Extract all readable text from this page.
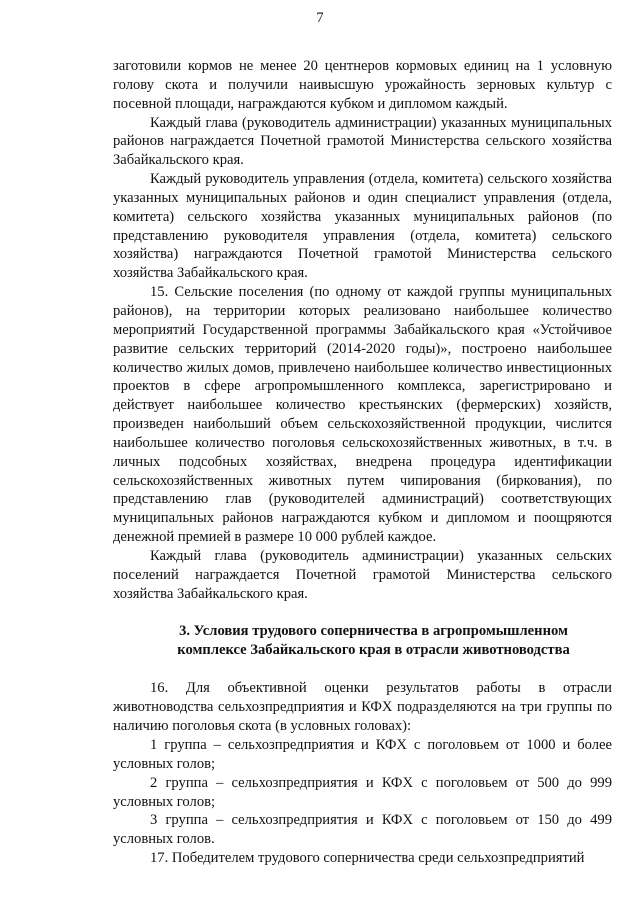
7

заготовили кормов не менее 20 центнеров кормовых единиц на 1 условную голову скота и получили наивысшую урожайность зерновых культур с посевной площади, награждаются кубком и дипломом каждый.

Каждый глава (руководитель администрации) указанных муниципальных районов награждается Почетной грамотой Министерства сельского хозяйства Забайкальского края.

Каждый руководитель управления (отдела, комитета) сельского хозяйства указанных муниципальных районов и один специалист управления (отдела, комитета) сельского хозяйства указанных муниципальных районов (по представлению руководителя управления (отдела, комитета) сельского хозяйства) награждаются Почетной грамотой Министерства сельского хозяйства Забайкальского края.

15. Сельские поселения (по одному от каждой группы муниципальных районов), на территории которых реализовано наибольшее количество мероприятий Государственной программы Забайкальского края «Устойчивое развитие сельских территорий (2014-2020 годы)», построено наибольшее количество жилых домов, привлечено наибольшее количество инвестиционных проектов в сфере агропромышленного комплекса, зарегистрировано и действует наибольшее количество крестьянских (фермерских) хозяйств, произведен наибольший объем сельскохозяйственной продукции, числится наибольшее количество поголовья сельскохозяйственных животных, в т.ч. в личных подсобных хозяйствах, внедрена процедура идентификации сельскохозяйственных животных путем чипирования (биркования), по представлению глав (руководителей администраций) соответствующих муниципальных районов награждаются кубком и дипломом и поощряются денежной премией в размере 10 000 рублей каждое.

Каждый глава (руководитель администрации) указанных сельских поселений награждается Почетной грамотой Министерства сельского хозяйства Забайкальского края.

3. Условия трудового соперничества в агропромышленном комплексе Забайкальского края в отрасли животноводства

16. Для объективной оценки результатов работы в отрасли животноводства сельхозпредприятия и КФХ подразделяются на три группы по наличию поголовья скота (в условных головах):

1 группа – сельхозпредприятия и КФХ с поголовьем от 1000 и более условных голов;

2 группа – сельхозпредприятия и КФХ с поголовьем от 500 до 999 условных голов;

3 группа – сельхозпредприятия и КФХ с поголовьем от 150 до 499 условных голов.

17. Победителем трудового соперничества среди сельхозпредприятий
